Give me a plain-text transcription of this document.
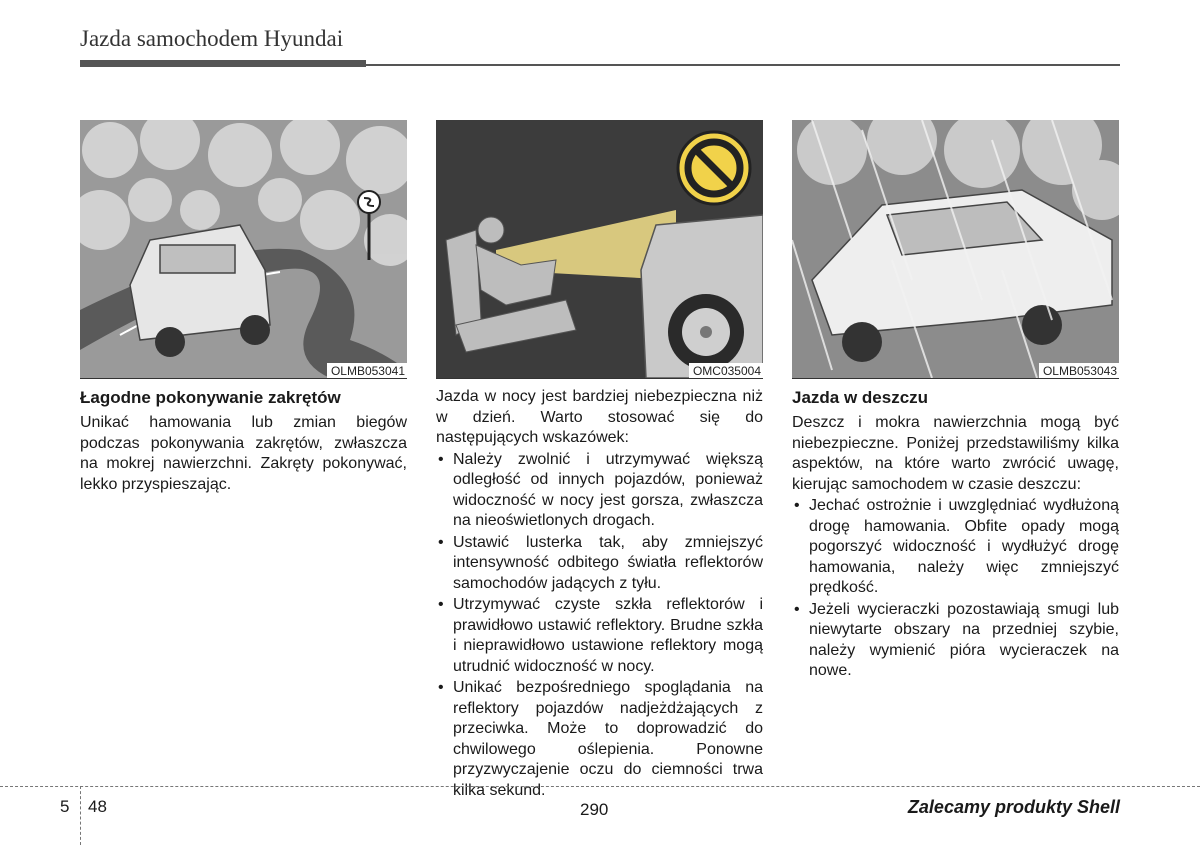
Jazda samochodem Hyundai
OLMB053041
Łagodne pokonywanie zakrętów

Unikać hamowania lub zmian biegów podczas pokonywania zakrętów, zwłaszcza na mokrej nawierzchni. Zakręty pokonywać, lekko przyspieszając.

OMC035004

Jazda w nocy jest bardziej niebezpieczna niż w dzień. Warto stosować się do następujących wskazówek:

• Należy zwolnić i utrzymywać większą odległość od innych pojazdów, ponieważ widoczność w nocy jest gorsza, zwłaszcza na nieoświetlonych drogach.
• Ustawić lusterka tak, aby zmniejszyć intensywność odbitego światła reflektorów samochodów jadących z tyłu.
• Utrzymywać czyste szkła reflektorów i prawidłowo ustawić reflektory. Brudne szkła i nieprawidłowo ustawione reflektory mogą utrudnić widoczność w nocy.
• Unikać bezpośredniego spoglądania na reflektory pojazdów nadjeżdżających z przeciwka. Może to doprowadzić do chwilowego oślepienia. Ponowne przyzwyczajenie oczu do ciemności trwa kilka sekund.
OLMB053043
Jazda w deszczu

Deszcz i mokra nawierzchnia mogą być niebezpieczne. Poniżej przedstawiliśmy kilka aspektów, na które warto zwrócić uwagę, kierując samochodem w czasie deszczu:

• Jechać ostrożnie i uwzględniać wydłużoną drogę hamowania. Obfite opady mogą pogorszyć widoczność i wydłużyć drogę hamowania, należy więc zmniejszyć prędkość.
• Jeżeli wycieraczki pozostawiają smugi lub niewytarte obszary na przedniej szybie, należy wymienić pióra wycieraczek na nowe.
5 48	290	Zalecamy produkty Shell
